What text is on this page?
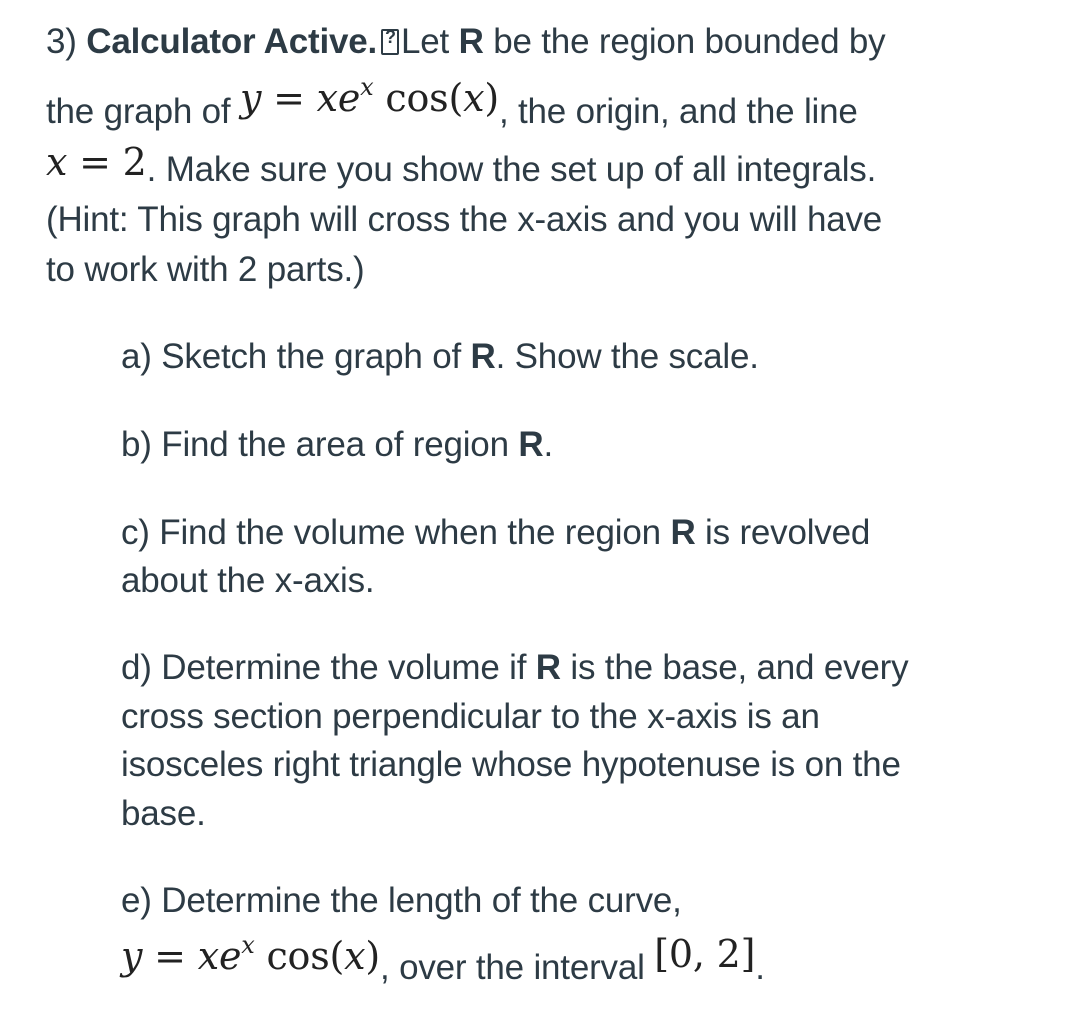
3) Calculator Active.? Let R be the region bounded by
the graph of $y = xe^x$ cos(x), the origin, and the line
x = 2. Make sure you show the set up of all integrals.
(Hint: This graph will cross the x-axis and you will have
to work with 2 parts.)
a) Sketch the graph of R. Show the scale.
b) Find the area of region R.
c) Find the volume when the region R is revolved
about the x-axis.
d) Determine the volume if R is the base, and every
cross section perpendicular to the x-axis is an
isosceles right triangle whose hypotenuse is on the
base.
e) Determine the length of the curve,
$y = xe^x$ cos(x), over the interval [0, 2].
